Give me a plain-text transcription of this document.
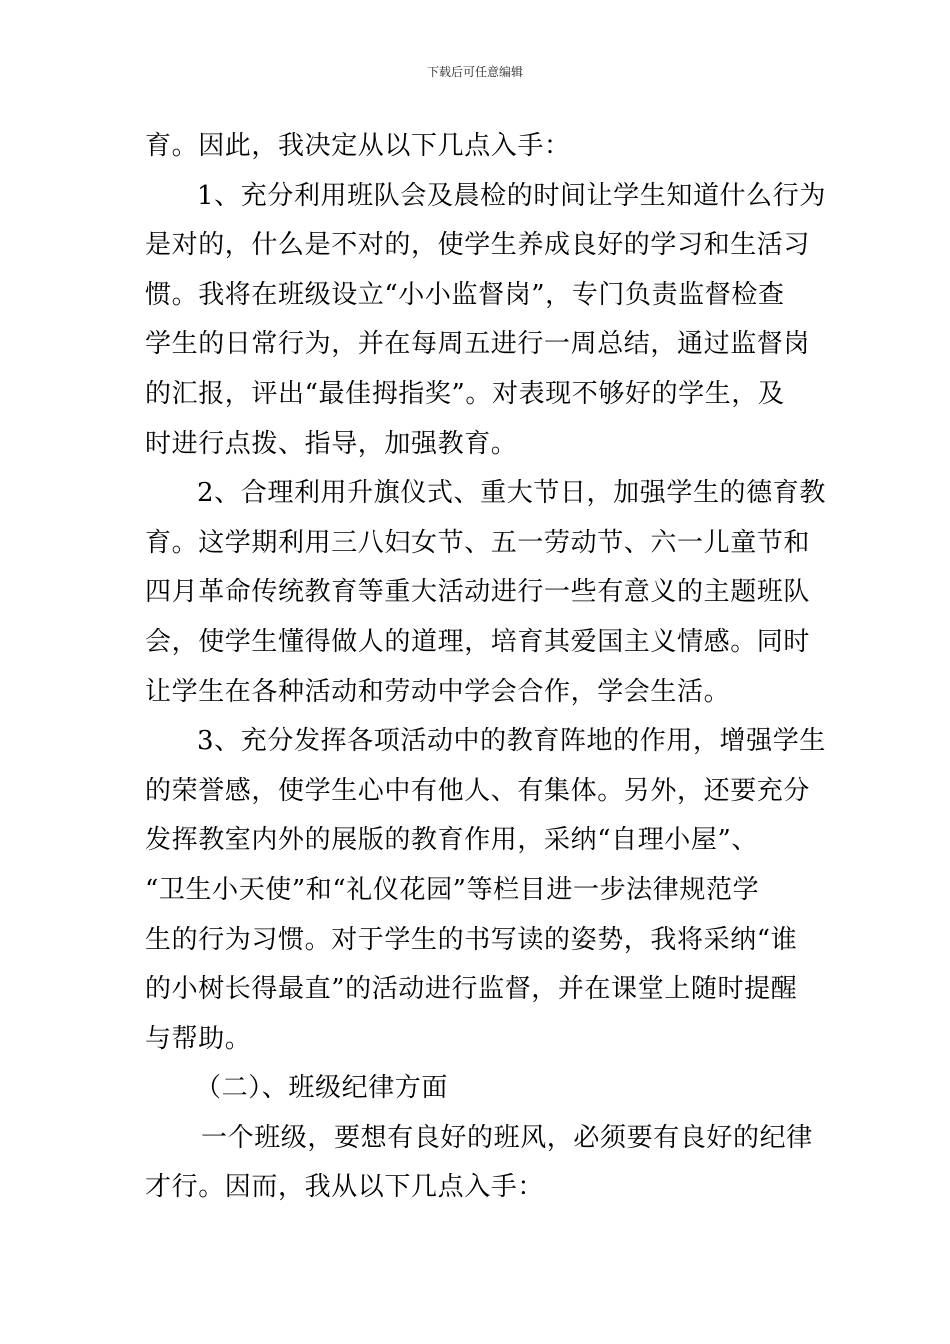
下载后可任意编辑
育。因此，我决定从以下几点入手：
1、充分利用班队会及晨检的时间让学生知道什么行为
是对的，什么是不对的，使学生养成良好的学习和生活习
惯。我将在班级设立“小小监督岗”，专门负责监督检查
学生的日常行为，并在每周五进行一周总结，通过监督岗
的汇报，评出“最佳拇指奖”。对表现不够好的学生，及
时进行点拨、指导，加强教育。
2、合理利用升旗仪式、重大节日，加强学生的德育教
育。这学期利用三八妇女节、五一劳动节、六一儿童节和
四月革命传统教育等重大活动进行一些有意义的主题班队
会，使学生懂得做人的道理，培育其爱国主义情感。同时
让学生在各种活动和劳动中学会合作，学会生活。
3、充分发挥各项活动中的教育阵地的作用，增强学生
的荣誉感，使学生心中有他人、有集体。另外，还要充分
发挥教室内外的展版的教育作用，采纳“自理小屋”、
“卫生小天使”和“礼仪花园”等栏目进一步法律规范学
生的行为习惯。对于学生的书写读的姿势，我将采纳“谁
的小树长得最直”的活动进行监督，并在课堂上随时提醒
与帮助。
（二）、班级纪律方面
一个班级，要想有良好的班风，必须要有良好的纪律
才行。因而，我从以下几点入手：
